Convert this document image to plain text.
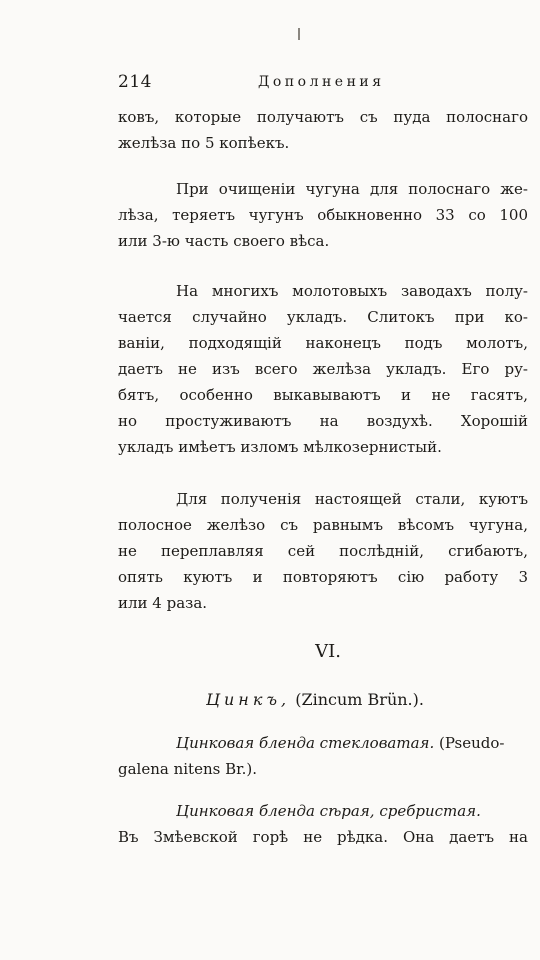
214	Дополнения
ковъ, которые получаютъ съ пуда полоснаго
желѣза по 5 копѣекъ.
При очищеніи чугуна для полоснаго же-
лѣза, теряетъ чугунъ обыкновенно 33 со 100
или 3-ю часть своего вѣса.
На многихъ молотовыхъ заводахъ полу-
чается случайно укладъ. Слитокъ при ко-
ваніи, подходящій наконецъ подъ молотъ,
даетъ не изъ всего желѣза укладъ. Его ру-
бятъ, особенно выкавываютъ и не гасятъ,
но простуживаютъ на воздухѣ. Хорошій
укладъ имѣетъ изломъ мѣлкозернистый.
Для полученія настоящей стали, куютъ
полосное желѣзо съ равнымъ вѣсомъ чугуна,
не переплавляя сей послѣдній, сгибаютъ,
опять куютъ и повторяютъ сію работу 3
или 4 раза.
VI.
Цинкъ, (Zincum Brün.).
Цинковая бленда стекловатая. (Pseudo-
galena nitens Br.).
Цинковая бленда сѣрая, сребристая.
Въ Змѣевской горѣ не рѣдка. Она даетъ на
